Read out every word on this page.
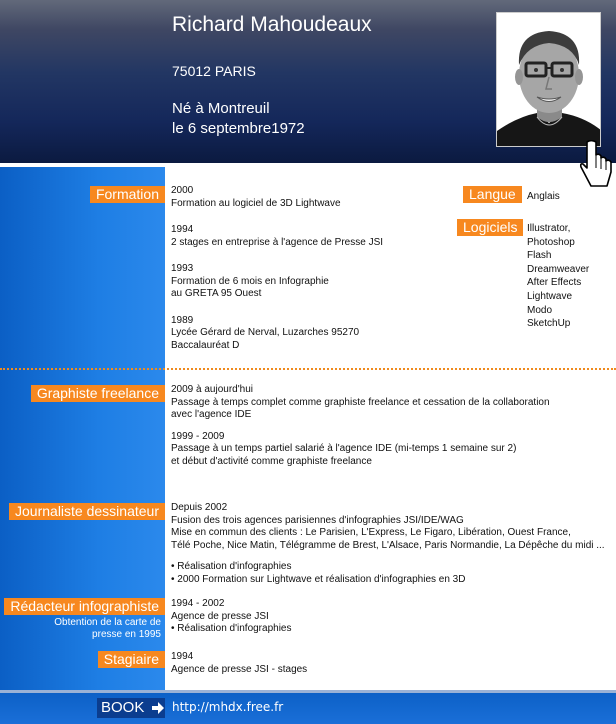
Richard Mahoudeaux
75012 PARIS
Né à Montreuil
le 6 septembre1972
Formation
Graphiste freelance
Journaliste dessinateur
Rédacteur infographiste
Obtention de la carte de presse en 1995
Stagiaire
Langue
Logiciels

2000

Formation au logiciel de 3D Lightwave

1994

2 stages en entreprise à l'agence de Presse JSI

1993

Formation de 6 mois en Infographie

au GRETA 95 Ouest

1989

Lycée Gérard de Nerval, Luzarches 95270

Baccalauréat D

Anglais

Illustrator,

Photoshop

Flash

Dreamweaver

After Effects

Lightwave

Modo

SketchUp

2009 à aujourd'hui

Passage à temps complet comme graphiste freelance et cessation de la collaboration

avec l'agence IDE

1999 - 2009

Passage à un temps partiel salarié à l'agence IDE (mi-temps 1 semaine sur 2)

et début d'activité comme graphiste freelance

Depuis 2002

Fusion des trois agences parisiennes d'infographies JSI/IDE/WAG

Mise en commun des clients : Le Parisien, L'Express, Le Figaro, Libération, Ouest France,

Télé Poche, Nice Matin, Télégramme de Brest, L'Alsace, Paris Normandie, La Dépêche du midi ...

• Réalisation d'infographies

• 2000 Formation sur Lightwave et réalisation d'infographies en 3D

1994 - 2002

Agence de presse JSI

• Réalisation d'infographies

1994

Agence de presse JSI - stages

BOOK	http://mhdx.free.fr
